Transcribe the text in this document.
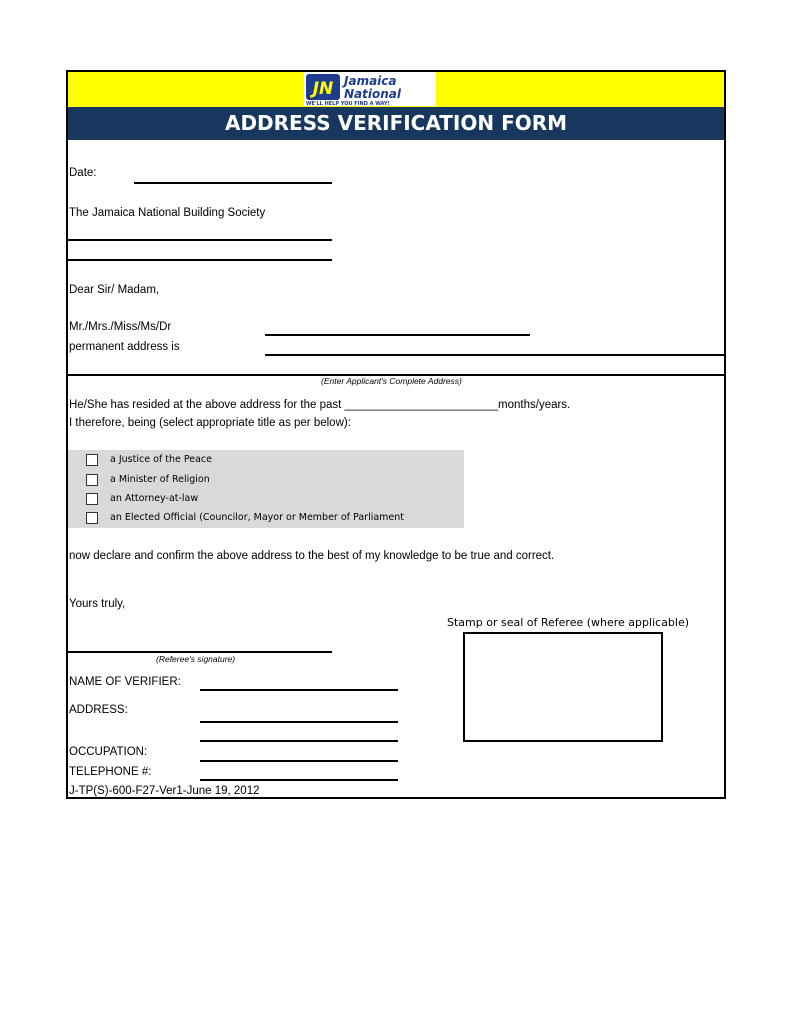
JN Jamaica
National
WE'LL HELP YOU FIND A WAY!
ADDRESS VERIFICATION FORM
Date:
The Jamaica National Building Society
Dear Sir/ Madam,
Mr./Mrs./Miss/Ms/Dr
permanent address is
(Enter Applicant's Complete Address)
He/She has resided at the above address for the past ________________________months/years.
I therefore, being (select appropriate title as per below):
a Justice of the Peace
a Minister of Religion
an Attorney-at-law
an Elected Official (Councilor, Mayor or Member of Parliament
now declare and confirm the above address to the best of my knowledge to be true and correct.
Yours truly,
Stamp or seal of Referee (where applicable)
(Referee's signature)
NAME OF VERIFIER:
ADDRESS:
OCCUPATION:
TELEPHONE #:
J-TP(S)-600-F27-Ver1-June 19, 2012
